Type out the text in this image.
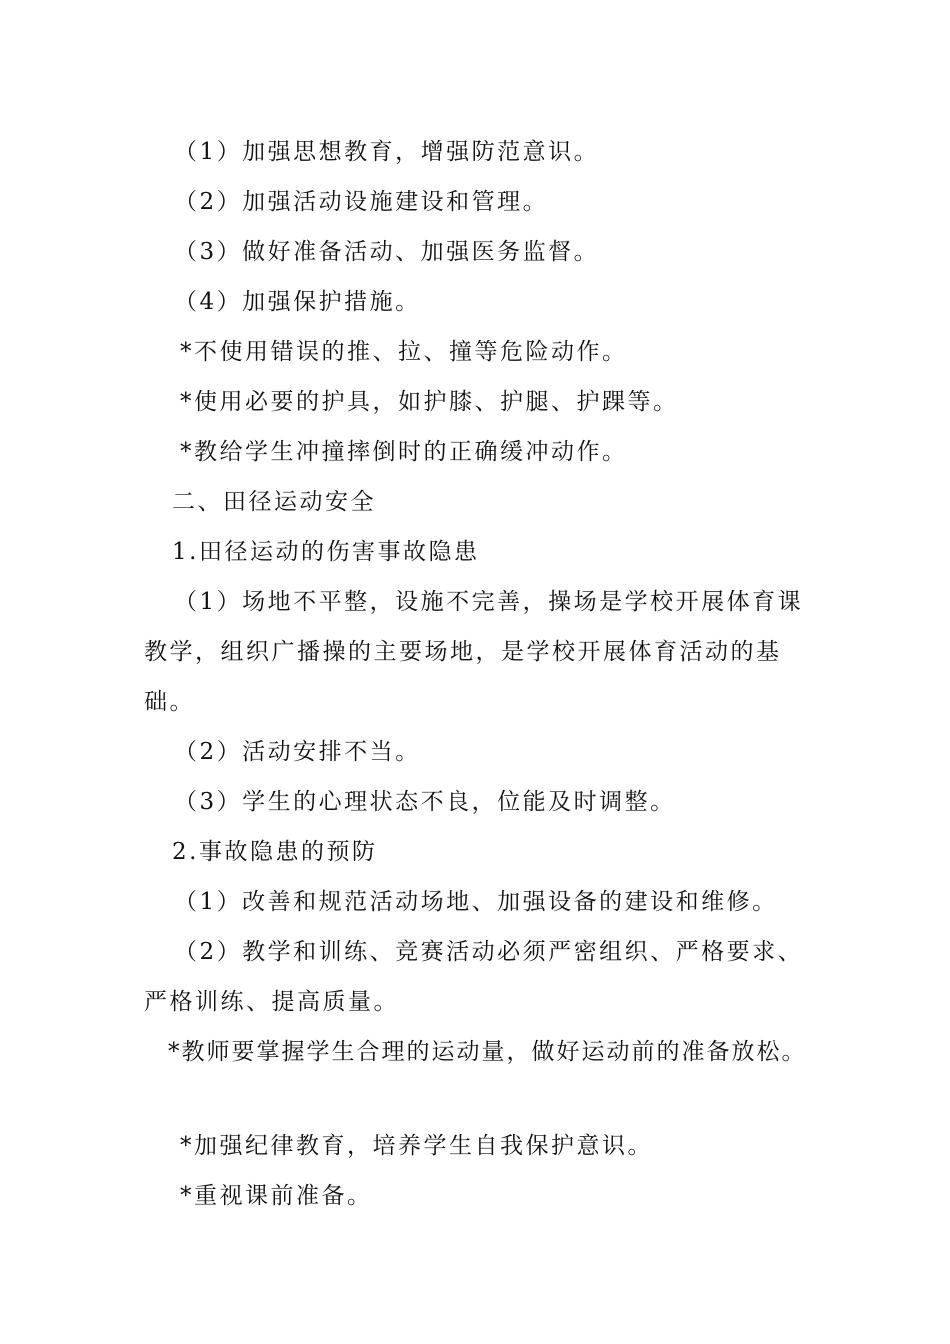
（1）加强思想教育，增强防范意识。
（2）加强活动设施建设和管理。
（3）做好准备活动、加强医务监督。
（4）加强保护措施。
*不使用错误的推、拉、撞等危险动作。
*使用必要的护具，如护膝、护腿、护踝等。
*教给学生冲撞摔倒时的正确缓冲动作。
二、田径运动安全
1.田径运动的伤害事故隐患
（1）场地不平整，设施不完善，操场是学校开展体育课
教学，组织广播操的主要场地，是学校开展体育活动的基
础。
（2）活动安排不当。
（3）学生的心理状态不良，位能及时调整。
2.事故隐患的预防
（1）改善和规范活动场地、加强设备的建设和维修。
（2）教学和训练、竞赛活动必须严密组织、严格要求、
严格训练、提高质量。
*教师要掌握学生合理的运动量，做好运动前的准备放松。
*加强纪律教育，培养学生自我保护意识。
*重视课前准备。
